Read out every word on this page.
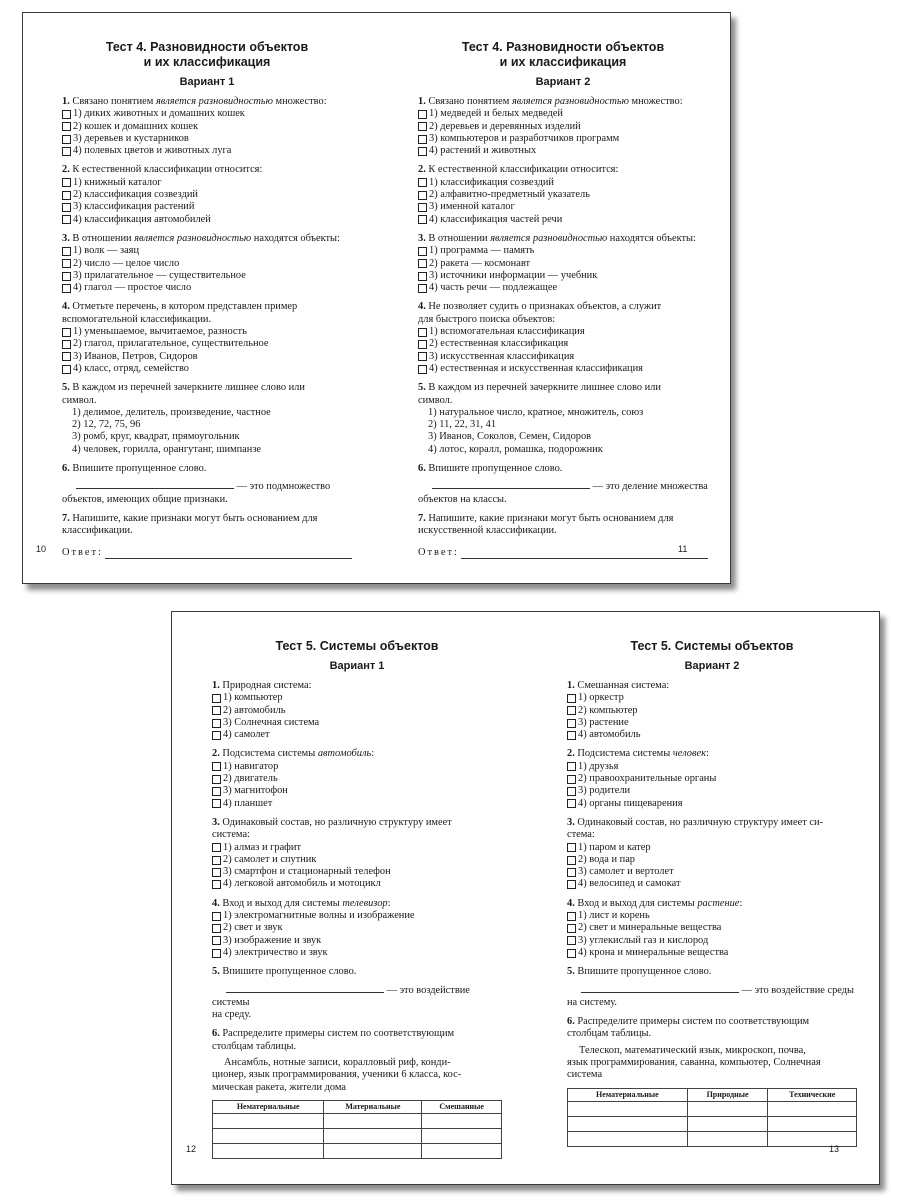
Тест 4. Разновидности объектов
и их классификация
Вариант 1
1. Связано понятием является разновидностью множество:
1) диких животных и домашних кошек
2) кошек и домашних кошек
3) деревьев и кустарников
4) полевых цветов и животных луга
2. К естественной классификации относится:
1) книжный каталог
2) классификация созвездий
3) классификация растений
4) классификация автомобилей
3. В отношении является разновидностью находятся объекты:
1) волк — заяц
2) число — целое число
3) прилагательное — существительное
4) глагол — простое число
4. Отметьте перечень, в котором представлен пример
вспомогательной классификации.
1) уменьшаемое, вычитаемое, разность
2) глагол, прилагательное, существительное
3) Иванов, Петров, Сидоров
4) класс, отряд, семейство
5. В каждом из перечней зачеркните лишнее слово или
символ.
1) делимое, делитель, произведение, частное
2) 12, 72, 75, 96
3) ромб, круг, квадрат, прямоугольник
4) человек, горилла, орангутанг, шимпанзе
6. Впишите пропущенное слово.
— это подмножество
объектов, имеющих общие признаки.
7. Напишите, какие признаки могут быть основанием для
классификации.
Ответ:
10
Тест 4. Разновидности объектов
и их классификация
Вариант 2
1. Связано понятием является разновидностью множество:
1) медведей и белых медведей
2) деревьев и деревянных изделий
3) компьютеров и разработчиков программ
4) растений и животных
2. К естественной классификации относится:
1) классификация созвездий
2) алфавитно-предметный указатель
3) именной каталог
4) классификация частей речи
3. В отношении является разновидностью находятся объекты:
1) программа — память
2) ракета — космонавт
3) источники информации — учебник
4) часть речи — подлежащее
4. Не позволяет судить о признаках объектов, а служит
для быстрого поиска объектов:
1) вспомогательная классификация
2) естественная классификация
3) искусственная классификация
4) естественная и искусственная классификация
5. В каждом из перечней зачеркните лишнее слово или
символ.
1) натуральное число, кратное, множитель, союз
2) 11, 22, 31, 41
3) Иванов, Соколов, Семен, Сидоров
4) лотос, коралл, ромашка, подорожник
6. Впишите пропущенное слово.
— это деление множества
объектов на классы.
7. Напишите, какие признаки могут быть основанием для
искусственной классификации.
Ответ:	11
Тест 5. Системы объектов
Вариант 1
1. Природная система:
1) компьютер
2) автомобиль
3) Солнечная система
4) самолет
2. Подсистема системы автомобиль:
1) навигатор
2) двигатель
3) магнитофон
4) планшет
3. Одинаковый состав, но различную структуру имеет
система:
1) алмаз и графит
2) самолет и спутник
3) смартфон и стационарный телефон
4) легковой автомобиль и мотоцикл
4. Вход и выход для системы телевизор:
1) электромагнитные волны и изображение
2) свет и звук
3) изображение и звук
4) электричество и звук
5. Впишите пропущенное слово.
— это воздействие системы
на среду.
6. Распределите примеры систем по соответствующим
столбцам таблицы.
Ансамбль, нотные записи, коралловый риф, конди-
ционер, язык программирования, ученики 6 класса, кос-
мическая ракета, жители дома
Нематериальные	Материальные	Смешанные

12
Тест 5. Системы объектов
Вариант 2
1. Смешанная система:
1) оркестр
2) компьютер
3) растение
4) автомобиль
2. Подсистема системы человек:
1) друзья
2) правоохранительные органы
3) родители
4) органы пищеварения
3. Одинаковый состав, но различную структуру имеет си-
стема:
1) паром и катер
2) вода и пар
3) самолет и вертолет
4) велосипед и самокат
4. Вход и выход для системы растение:
1) лист и корень
2) свет и минеральные вещества
3) углекислый газ и кислород
4) крона и минеральные вещества
5. Впишите пропущенное слово.
— это воздействие среды
на систему.
6. Распределите примеры систем по соответствующим
столбцам таблицы.
Телескоп, математический язык, микроскоп, почва,
язык программирования, саванна, компьютер, Солнечная
система
Нематериальные	Природные	Технические

13
